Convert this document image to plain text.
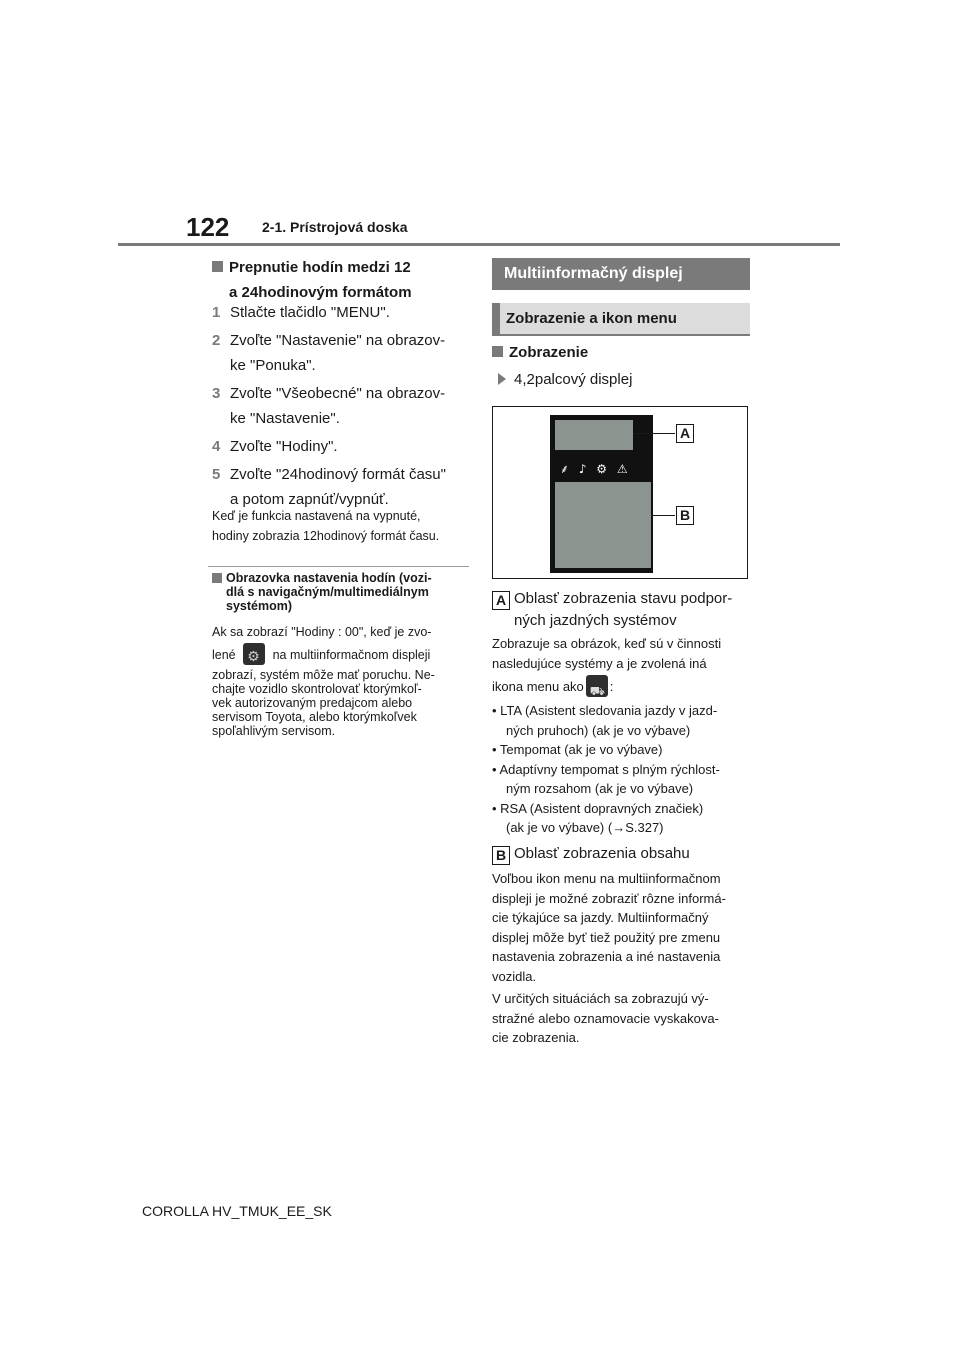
122 2-1. Prístrojová doska
Prepnutie hodín medzi 12
a 24hodinovým formátom
1 Stlačte tlačidlo "MENU".
2 Zvoľte "Nastavenie" na obrazov-
ke "Ponuka".
3 Zvoľte "Všeobecné" na obrazov-
ke "Nastavenie".
4 Zvoľte "Hodiny".
5 Zvoľte "24hodinový formát času"
a potom zapnúť/vypnúť.
Keď je funkcia nastavená na vypnuté,
hodiny zobrazia 12hodinový formát času.
Obrazovka nastavenia hodín (vozi-
dlá s navigačným/multimediálnym
systémom)
Ak sa zobrazí "Hodiny : 00", keď je zvo-
lené ⚙	na multiinformačnom displeji
zobrazí, systém môže mať poruchu. Ne-
chajte vozidlo skontrolovať ktorýmkoľ-
vek autorizovaným predajcom alebo
servisom Toyota, alebo ktorýmkoľvek
spoľahlivým servisom.
Multiinformačný displej
Zobrazenie a ikon menu
Zobrazenie
4,2palcový displej
⸙ ♪ ⚙ ⚠
A
B
A Oblasť zobrazenia stavu podpor-
ných jazdných systémov
Zobrazuje sa obrázok, keď sú v činnosti
nasledujúce systémy a je zvolená iná
ikona menu ako ⛟ :
• LTA (Asistent sledovania jazdy v jazd-
ných pruhoch) (ak je vo výbave)
• Tempomat (ak je vo výbave)
• Adaptívny tempomat s plným rýchlost-
ným rozsahom (ak je vo výbave)
• RSA (Asistent dopravných značiek)
(ak je vo výbave) (→S.327)
B Oblasť zobrazenia obsahu
Voľbou ikon menu na multiinformačnom
displeji je možné zobraziť rôzne informá-
cie týkajúce sa jazdy. Multiinformačný
displej môže byť tiež použitý pre zmenu
nastavenia zobrazenia a iné nastavenia
vozidla.
V určitých situáciách sa zobrazujú vý-
stražné alebo oznamovacie vyskakova-
cie zobrazenia.
COROLLA HV_TMUK_EE_SK
